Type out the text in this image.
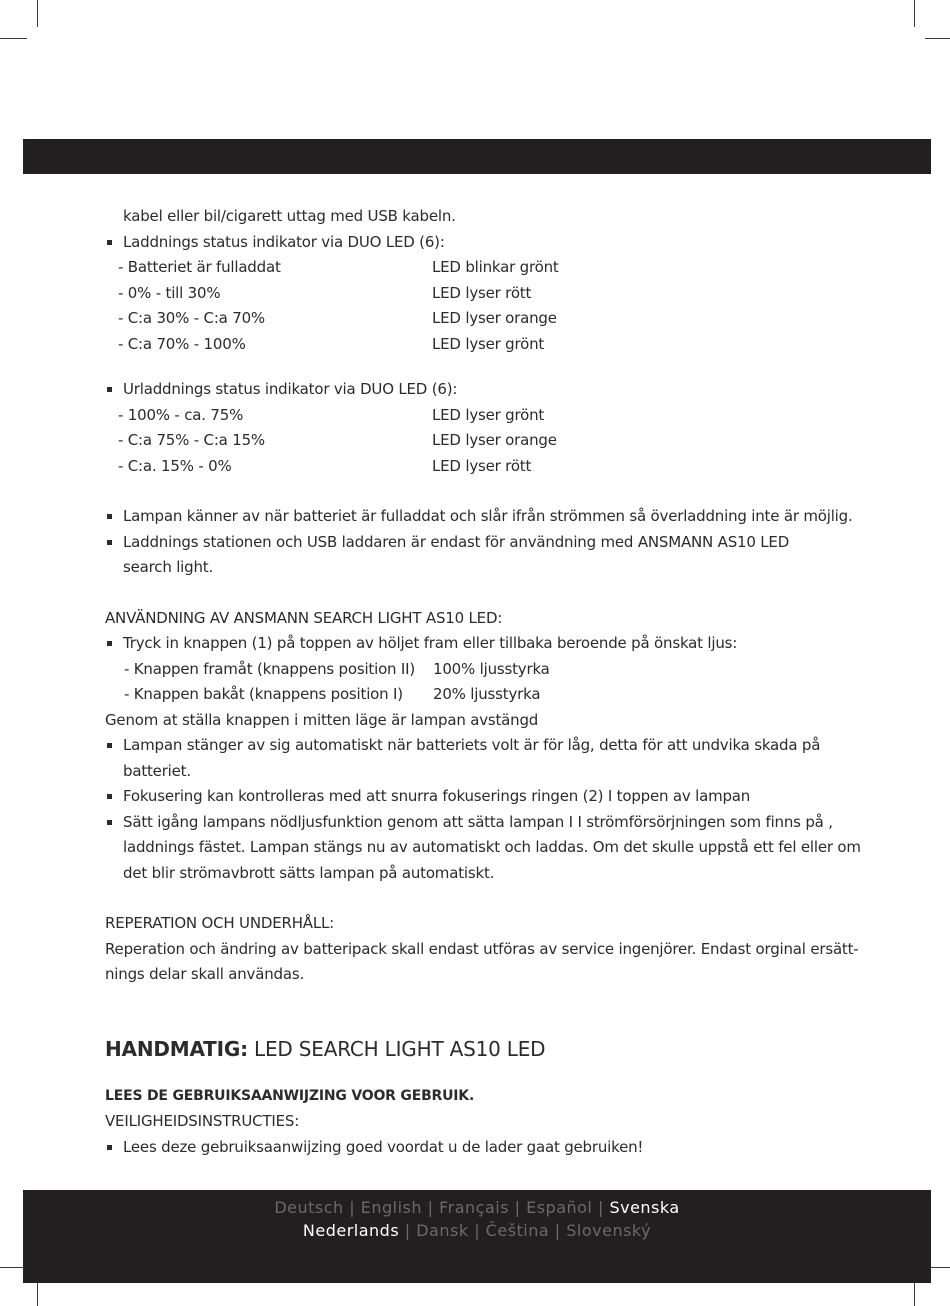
kabel eller bil/cigarett uttag med USB kabeln.
Laddnings status indikator via DUO LED (6):
- Batteriet är fulladdat	LED blinkar grönt
- 0% - till 30%	LED lyser rött
- C:a 30% - C:a 70%	LED lyser orange
- C:a 70% - 100%	LED lyser grönt
Urladdnings status indikator via DUO LED (6):
- 100% - ca. 75%	LED lyser grönt
- C:a 75% - C:a 15%	LED lyser orange
- C:a. 15% - 0%	LED lyser rött
Lampan känner av när batteriet är fulladdat och slår ifrån strömmen så överladdning inte är möjlig.
Laddnings stationen och USB laddaren är endast för användning med ANSMANN AS10 LED
search light.
ANVÄNDNING AV ANSMANN SEARCH LIGHT AS10 LED:
Tryck in knappen (1) på toppen av höljet fram eller tillbaka beroende på önskat ljus:
- Knappen framåt (knappens position II) 100% ljusstyrka
- Knappen bakåt (knappens position I) 20% ljusstyrka
Genom at ställa knappen i mitten läge är lampan avstängd
Lampan stänger av sig automatiskt när batteriets volt är för låg, detta för att undvika skada på
batteriet.
Fokusering kan kontrolleras med att snurra fokuserings ringen (2) I toppen av lampan
Sätt igång lampans nödljusfunktion genom att sätta lampan I I strömförsörjningen som finns på ,
laddnings fästet. Lampan stängs nu av automatiskt och laddas. Om det skulle uppstå ett fel eller om
det blir strömavbrott sätts lampan på automatiskt.
REPERATION OCH UNDERHÅLL:
Reperation och ändring av batteripack skall endast utföras av service ingenjörer. Endast orginal ersätt-
nings delar skall användas.
HANDMATIG: LED SEARCH LIGHT AS10 LED
LEES DE GEBRUIKSAANWIJZING VOOR GEBRUIK.
VEILIGHEIDSINSTRUCTIES:
Lees deze gebruiksaanwijzing goed voordat u de lader gaat gebruiken!
Deutsch | English | Français | Español | Svenska
Nederlands | Dansk | Čeština | Slovenský
